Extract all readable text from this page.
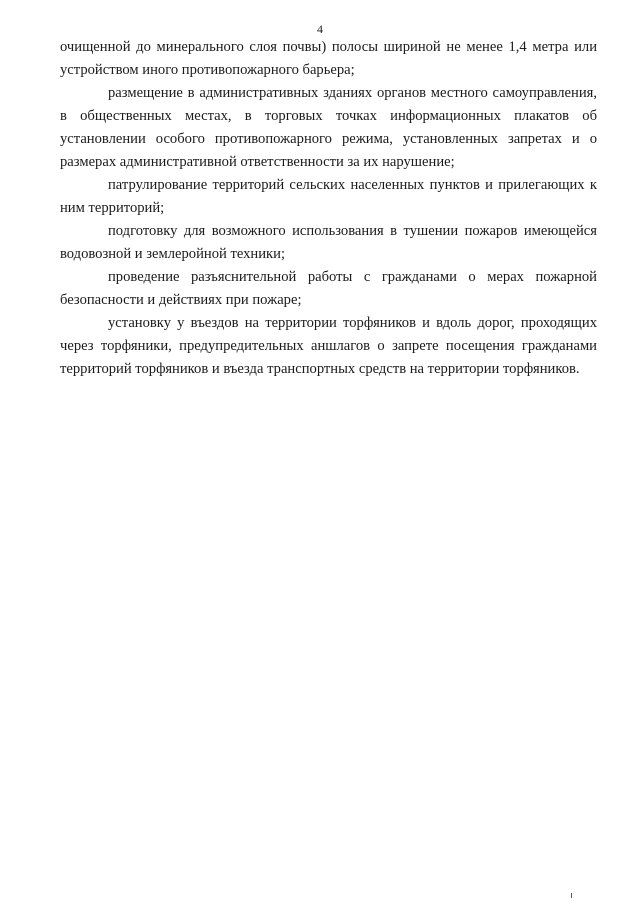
4

очищенной до минерального слоя почвы) полосы шириной не менее 1,4 метра или устройством иного противопожарного барьера;

размещение в административных зданиях органов местного самоуправления, в общественных местах, в торговых точках информационных плакатов об установлении особого противопожарного режима, установленных запретах и о размерах административной ответственности за их нарушение;

патрулирование территорий сельских населенных пунктов и прилегающих к ним территорий;

подготовку для возможного использования в тушении пожаров имеющейся водовозной и землеройной техники;

проведение разъяснительной работы с гражданами о мерах пожарной безопасности и действиях при пожаре;

установку у въездов на территории торфяников и вдоль дорог, проходящих через торфяники, предупредительных аншлагов о запрете посещения гражданами территорий торфяников и въезда транспортных средств на территории торфяников.
